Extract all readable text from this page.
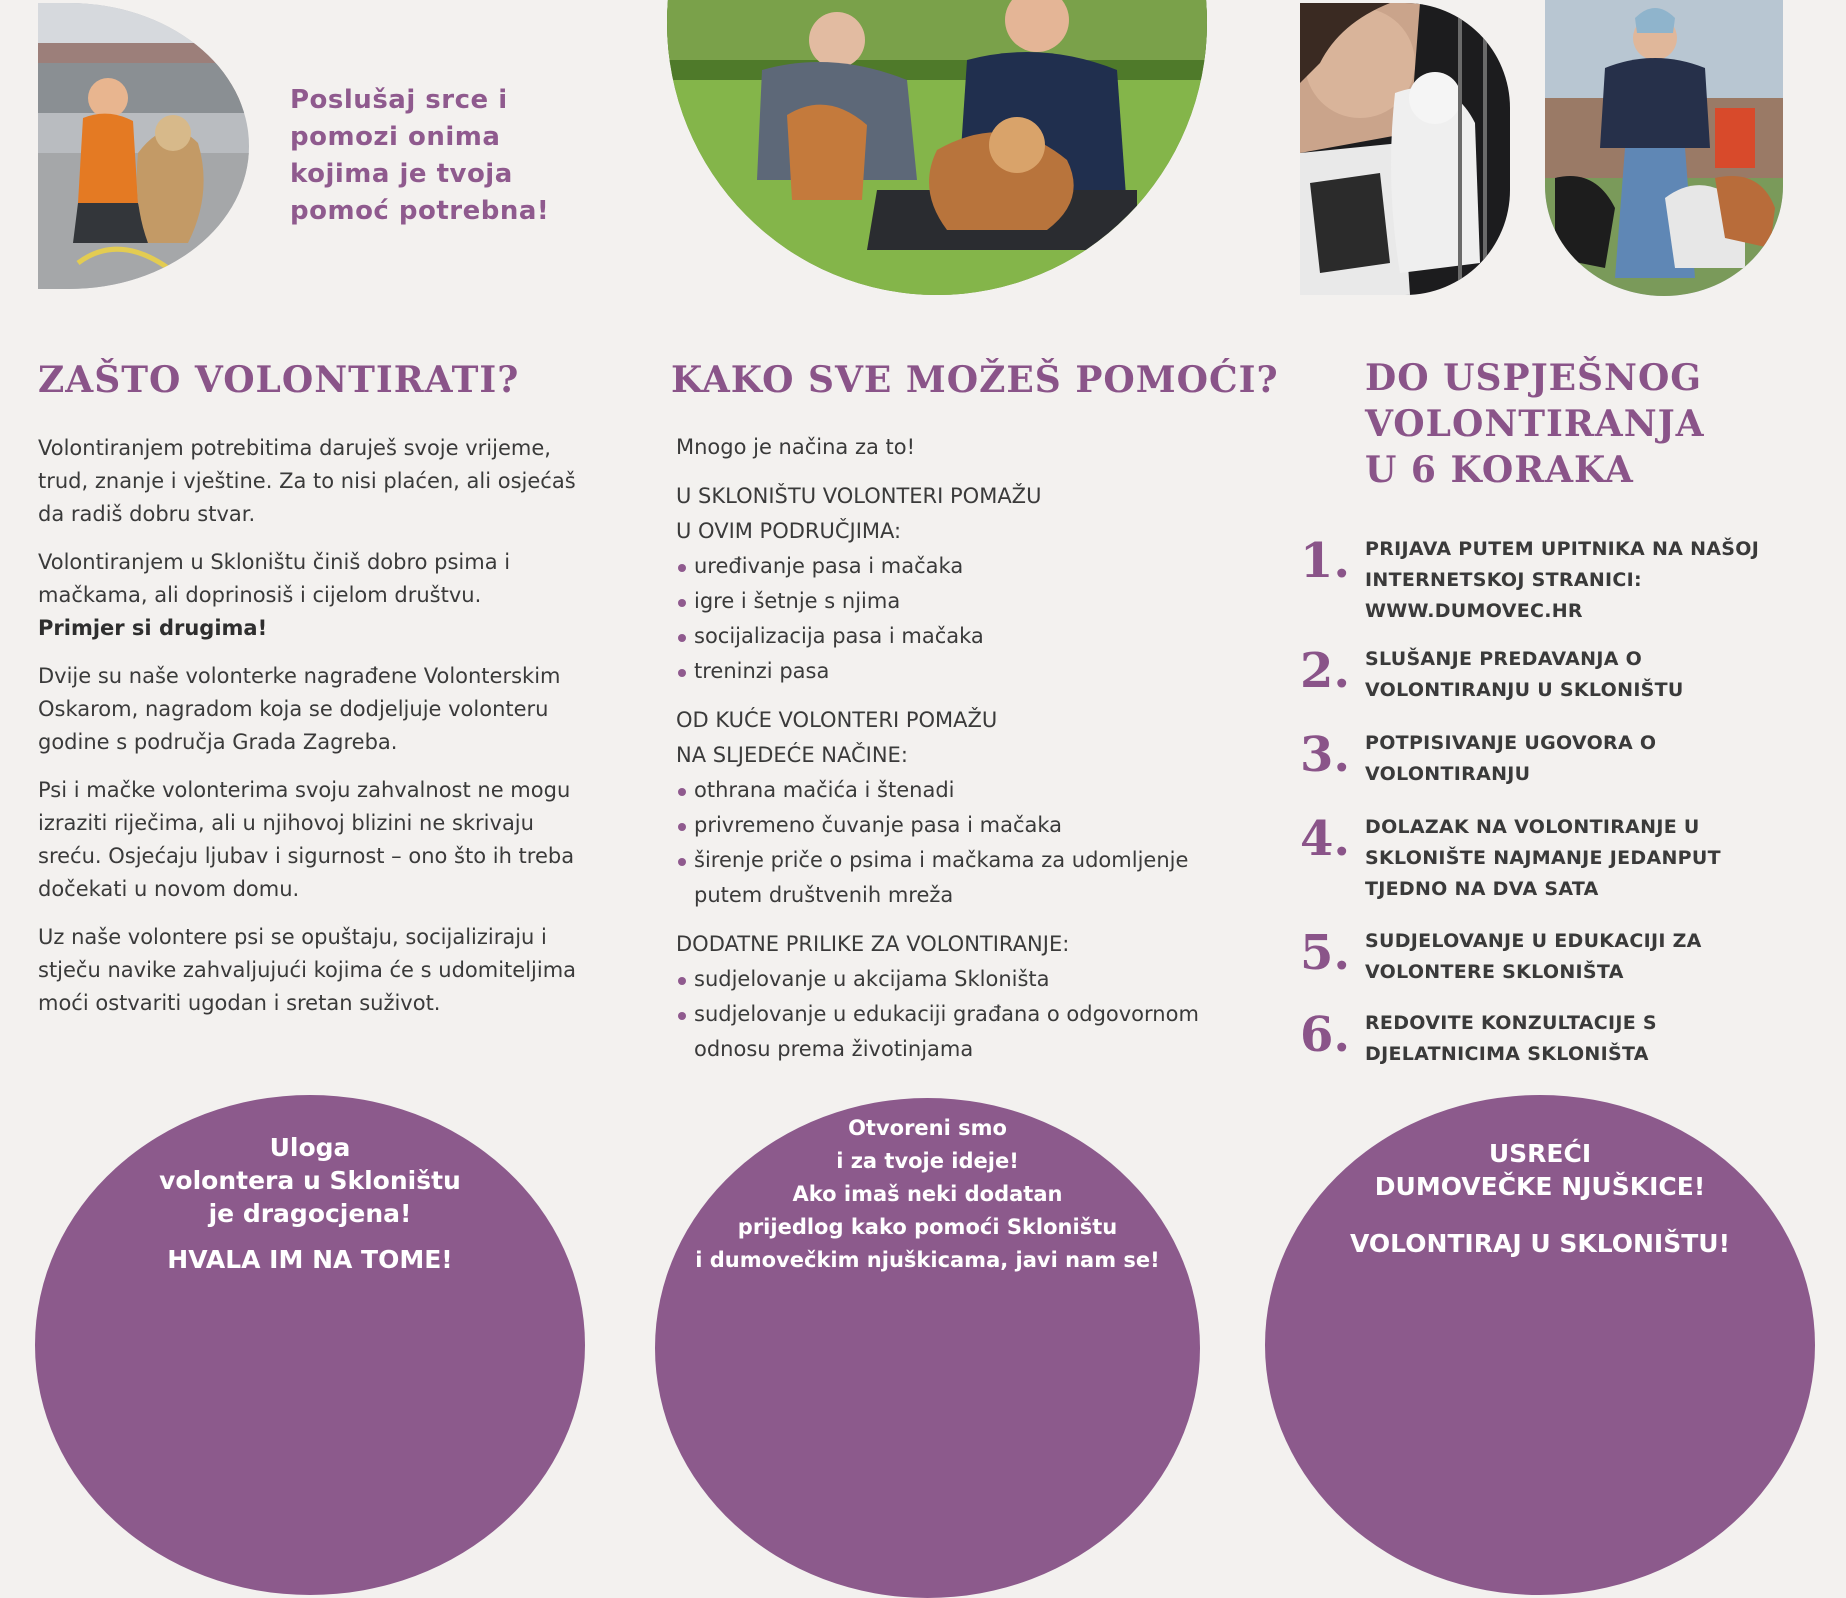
Poslušaj srce i
pomozi onima
kojima je tvoja
pomoć potrebna!
ZAŠTO VOLONTIRATI?

Volontiranjem potrebitima daruješ svoje vrijeme, trud, znanje i vještine. Za to nisi plaćen, ali osjećaš da radiš dobru stvar.

Volontiranjem u Skloništu činiš dobro psima i mačkama, ali doprinosiš i cijelom društvu.
Primjer si drugima!

Dvije su naše volonterke nagrađene Volonterskim Oskarom, nagradom koja se dodjeljuje volonteru godine s područja Grada Zagreba.

Psi i mačke volonterima svoju zahvalnost ne mogu izraziti riječima, ali u njihovoj blizini ne skrivaju sreću. Osjećaju ljubav i sigurnost – ono što ih treba dočekati u novom domu.

Uz naše volontere psi se opuštaju, socijaliziraju i stječu navike zahvaljujući kojima će s udomiteljima moći ostvariti ugodan i sretan suživot.

KAKO SVE MOŽEŠ POMOĆI?

Mnogo je načina za to!

U SKLONIŠTU VOLONTERI POMAŽU
U OVIM PODRUČJIMA:

uređivanje pasa i mačaka
igre i šetnje s njima
socijalizacija pasa i mačaka
treninzi pasa

OD KUĆE VOLONTERI POMAŽU
NA SLJEDEĆE NAČINE:

othrana mačića i štenadi
privremeno čuvanje pasa i mačaka
širenje priče o psima i mačkama za udomljenje putem društvenih mreža

DODATNE PRILIKE ZA VOLONTIRANJE:

sudjelovanje u akcijama Skloništa
sudjelovanje u edukaciji građana o odgovornom odnosu prema životinjama
DO USPJEŠNOG
VOLONTIRANJA
U 6 KORAKA
1. PRIJAVA PUTEM UPITNIKA NA NAŠOJ INTERNETSKOJ STRANICI: WWW.DUMOVEC.HR
2. SLUŠANJE PREDAVANJA O VOLONTIRANJU U SKLONIŠTU
3. POTPISIVANJE UGOVORA O VOLONTIRANJU
4. DOLAZAK NA VOLONTIRANJE U SKLONIŠTE NAJMANJE JEDANPUT TJEDNO NA DVA SATA
5. SUDJELOVANJE U EDUKACIJI ZA VOLONTERE SKLONIŠTA
6. REDOVITE KONZULTACIJE S DJELATNICIMA SKLONIŠTA
Uloga
volontera u Skloništu
je dragocjena!
HVALA IM NA TOME!
Otvoreni smo
i za tvoje ideje!
Ako imaš neki dodatan
prijedlog kako pomoći Skloništu
i dumovečkim njuškicama, javi nam se!
USREĆI
DUMOVEČKE NJUŠKICE!
VOLONTIRAJ U SKLONIŠTU!
